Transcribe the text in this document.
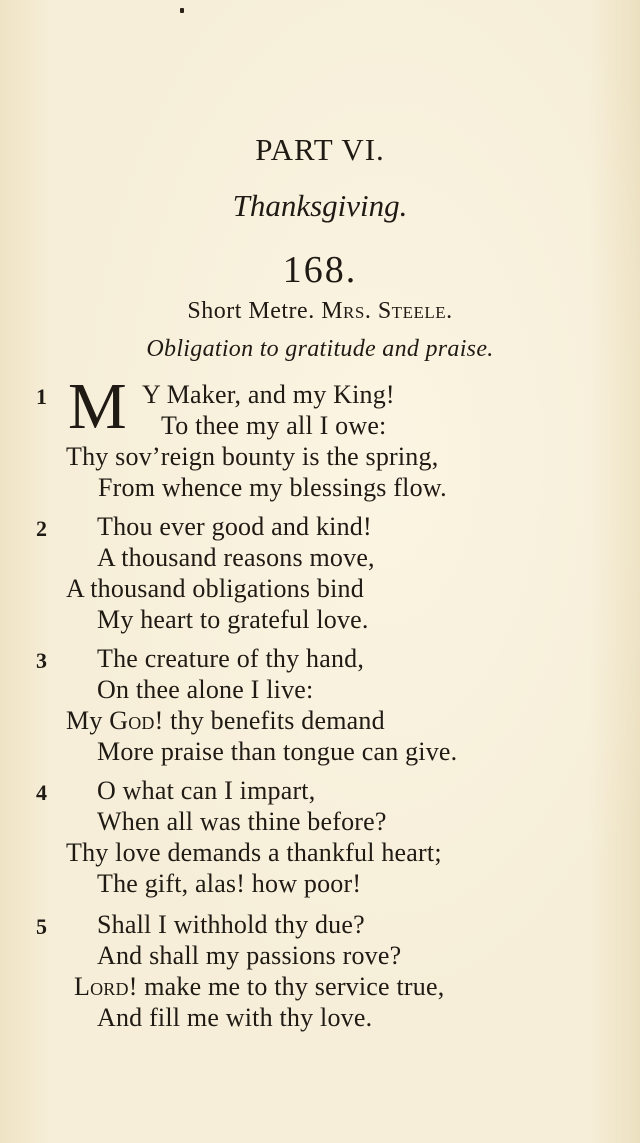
PART VI.
Thanksgiving.
168.
Short Metre. Mrs. Steele.
Obligation to gratitude and praise.
1 M Y Maker, and my King!
To thee my all I owe:
Thy sov’reign bounty is the spring,
From whence my blessings flow.
2 Thou ever good and kind!
A thousand reasons move,
A thousand obligations bind
My heart to grateful love.
3 The creature of thy hand,
On thee alone I live:
My God! thy benefits demand
More praise than tongue can give.
4 O what can I impart,
When all was thine before?
Thy love demands a thankful heart;
The gift, alas! how poor!
5 Shall I withhold thy due?
And shall my passions rove?
Lord! make me to thy service true,
And fill me with thy love.
